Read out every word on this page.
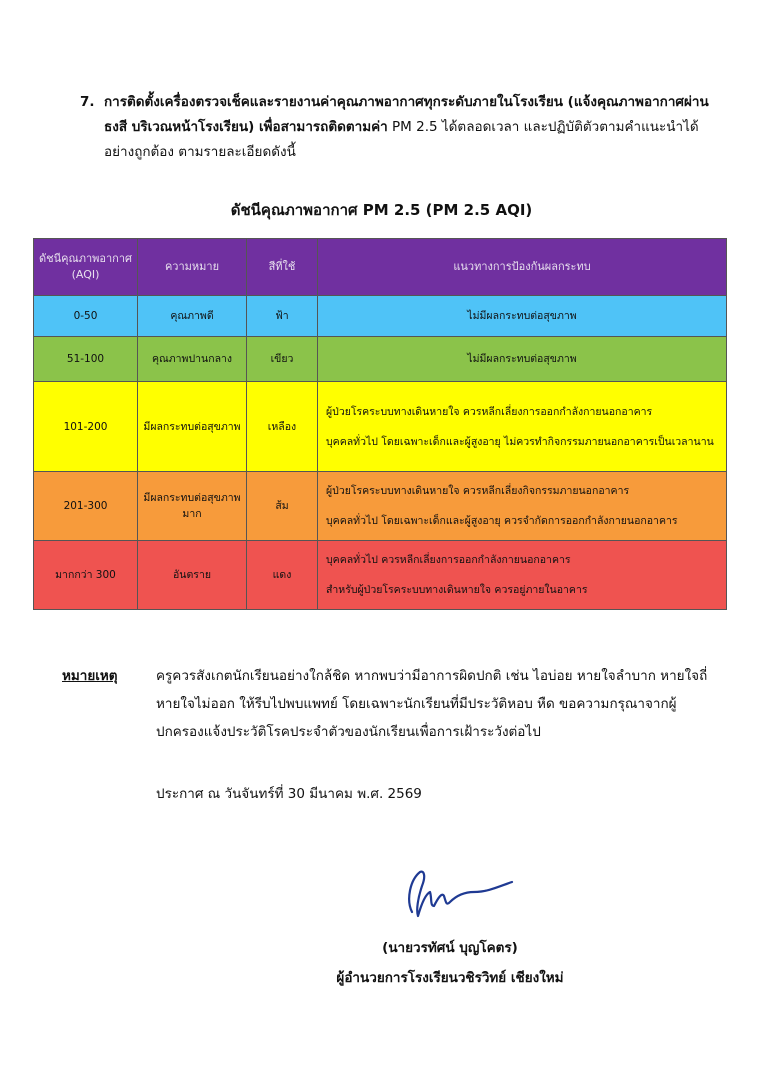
7. การติดตั้งเครื่องตรวจเช็คและรายงานค่าคุณภาพอากาศทุกระดับภายในโรงเรียน (แจ้งคุณภาพอากาศผ่านธงสี บริเวณหน้าโรงเรียน) เพื่อสามารถติดตามค่า PM 2.5 ได้ตลอดเวลา และปฏิบัติตัวตามคำแนะนำได้อย่างถูกต้อง ตามรายละเอียดดังนี้
ดัชนีคุณภาพอากาศ PM 2.5 (PM 2.5 AQI)
ดัชนีคุณภาพอากาศ (AQI)	ความหมาย	สีที่ใช้	แนวทางการป้องกันผลกระทบ
0-50	คุณภาพดี	ฟ้า	ไม่มีผลกระทบต่อสุขภาพ
51-100	คุณภาพปานกลาง	เขียว	ไม่มีผลกระทบต่อสุขภาพ
101-200	มีผลกระทบต่อสุขภาพ	เหลือง	ผู้ป่วยโรคระบบทางเดินหายใจ ควรหลีกเลี่ยงการออกกำลังกายนอกอาคาร
บุคคลทั่วไป โดยเฉพาะเด็กและผู้สูงอายุ ไม่ควรทำกิจกรรมภายนอกอาคารเป็นเวลานาน
201-300	มีผลกระทบต่อสุขภาพมาก	ส้ม	ผู้ป่วยโรคระบบทางเดินหายใจ ควรหลีกเลี่ยงกิจกรรมภายนอกอาคาร
บุคคลทั่วไป โดยเฉพาะเด็กและผู้สูงอายุ ควรจำกัดการออกกำลังกายนอกอาคาร
มากกว่า 300	อันตราย	แดง	บุคคลทั่วไป ควรหลีกเลี่ยงการออกกำลังกายนอกอาคาร
สำหรับผู้ป่วยโรคระบบทางเดินหายใจ ควรอยู่ภายในอาคาร
หมายเหตุ	ครูควรสังเกตนักเรียนอย่างใกล้ชิด หากพบว่ามีอาการผิดปกติ เช่น ไอบ่อย หายใจลำบาก หายใจถี่ หายใจไม่ออก ให้รีบไปพบแพทย์ โดยเฉพาะนักเรียนที่มีประวัติหอบ หืด ขอความกรุณาจากผู้ปกครองแจ้งประวัติโรคประจำตัวของนักเรียนเพื่อการเฝ้าระวังต่อไป
ประกาศ ณ วันจันทร์ที่ 30 มีนาคม พ.ศ. 2569
(นายวรทัศน์ บุญโคตร)
ผู้อำนวยการโรงเรียนวชิรวิทย์ เชียงใหม่
